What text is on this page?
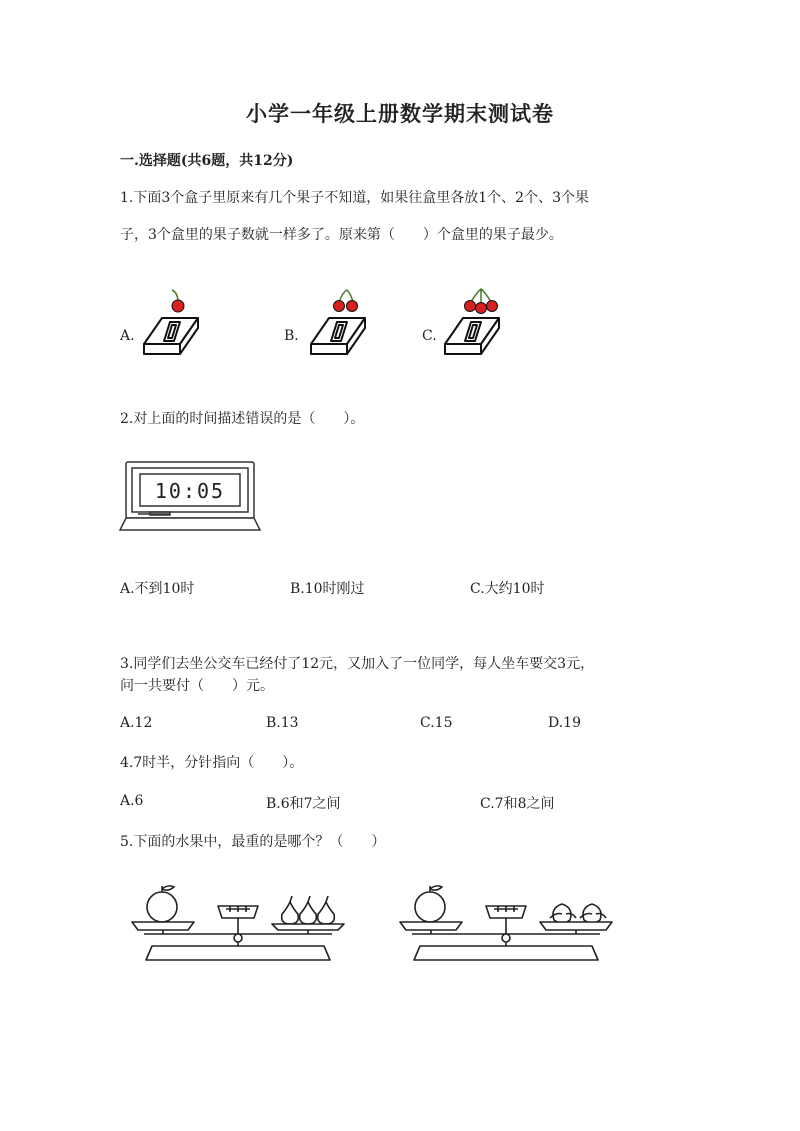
小学一年级上册数学期末测试卷
一.选择题(共6题，共12分)
1.下面3个盒子里原来有几个果子不知道，如果往盒里各放1个、2个、3个果
子，3个盒里的果子数就一样多了。原来第（　　）个盒里的果子最少。
A.	B.	C.
2.对上面的时间描述错误的是（　　）。
10:05
A.不到10时	B.10时刚过	C.大约10时
3.同学们去坐公交车已经付了12元，又加入了一位同学，每人坐车要交3元，
问一共要付（　　）元。
A.12	B.13	C.15	D.19
4.7时半，分针指向（　　）。
A.6	B.6和7之间	C.7和8之间
5.下面的水果中，最重的是哪个？（　　）
